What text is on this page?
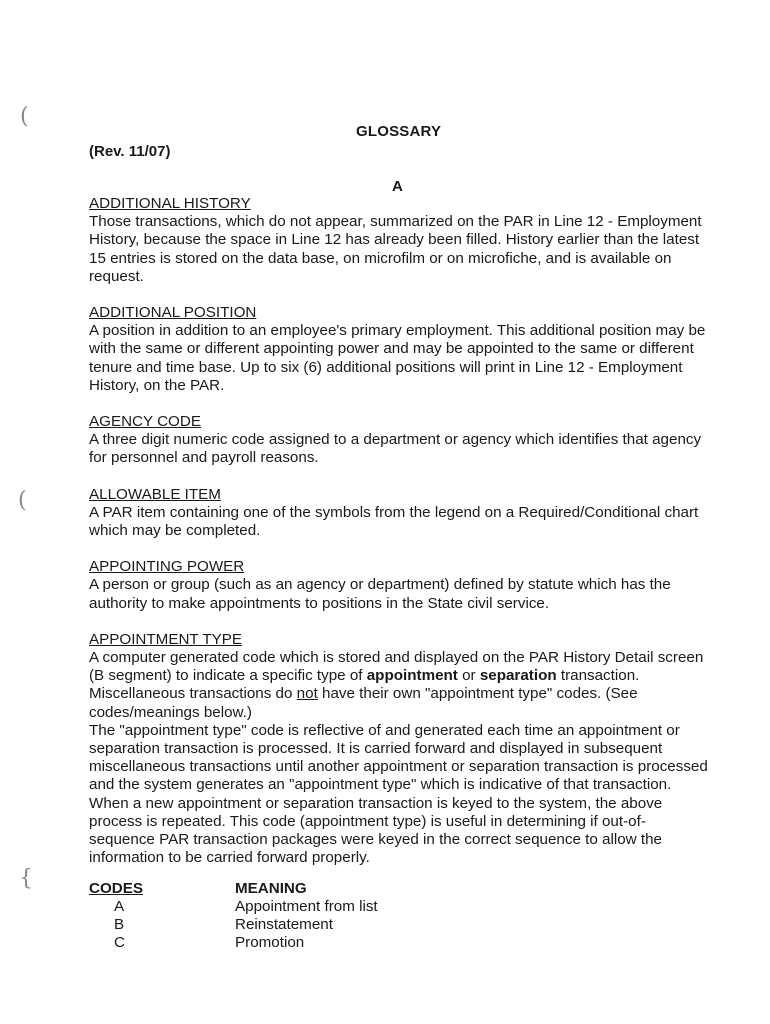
(
(
{
GLOSSARY
(Rev. 11/07)
A
ADDITIONAL HISTORY
Those transactions, which do not appear, summarized on the PAR in Line 12 - Employment History, because the space in Line 12 has already been filled. History earlier than the latest 15 entries is stored on the data base, on microfilm or on microfiche, and is available on request.
ADDITIONAL POSITION
A position in addition to an employee's primary employment. This additional position may be with the same or different appointing power and may be appointed to the same or different tenure and time base. Up to six (6) additional positions will print in Line 12 - Employment History, on the PAR.
AGENCY CODE
A three digit numeric code assigned to a department or agency which identifies that agency for personnel and payroll reasons.
ALLOWABLE ITEM
A PAR item containing one of the symbols from the legend on a Required/Conditional chart which may be completed.
APPOINTING POWER
A person or group (such as an agency or department) defined by statute which has the authority to make appointments to positions in the State civil service.
APPOINTMENT TYPE
A computer generated code which is stored and displayed on the PAR History Detail screen (B segment) to indicate a specific type of appointment or separation transaction. Miscellaneous transactions do not have their own "appointment type" codes. (See codes/meanings below.)
The "appointment type" code is reflective of and generated each time an appointment or separation transaction is processed. It is carried forward and displayed in subsequent miscellaneous transactions until another appointment or separation transaction is processed and the system generates an "appointment type" which is indicative of that transaction. When a new appointment or separation transaction is keyed to the system, the above process is repeated. This code (appointment type) is useful in determining if out-of-sequence PAR transaction packages were keyed in the correct sequence to allow the information to be carried forward properly.
CODES	MEANING
A	Appointment from list
B	Reinstatement
C	Promotion
